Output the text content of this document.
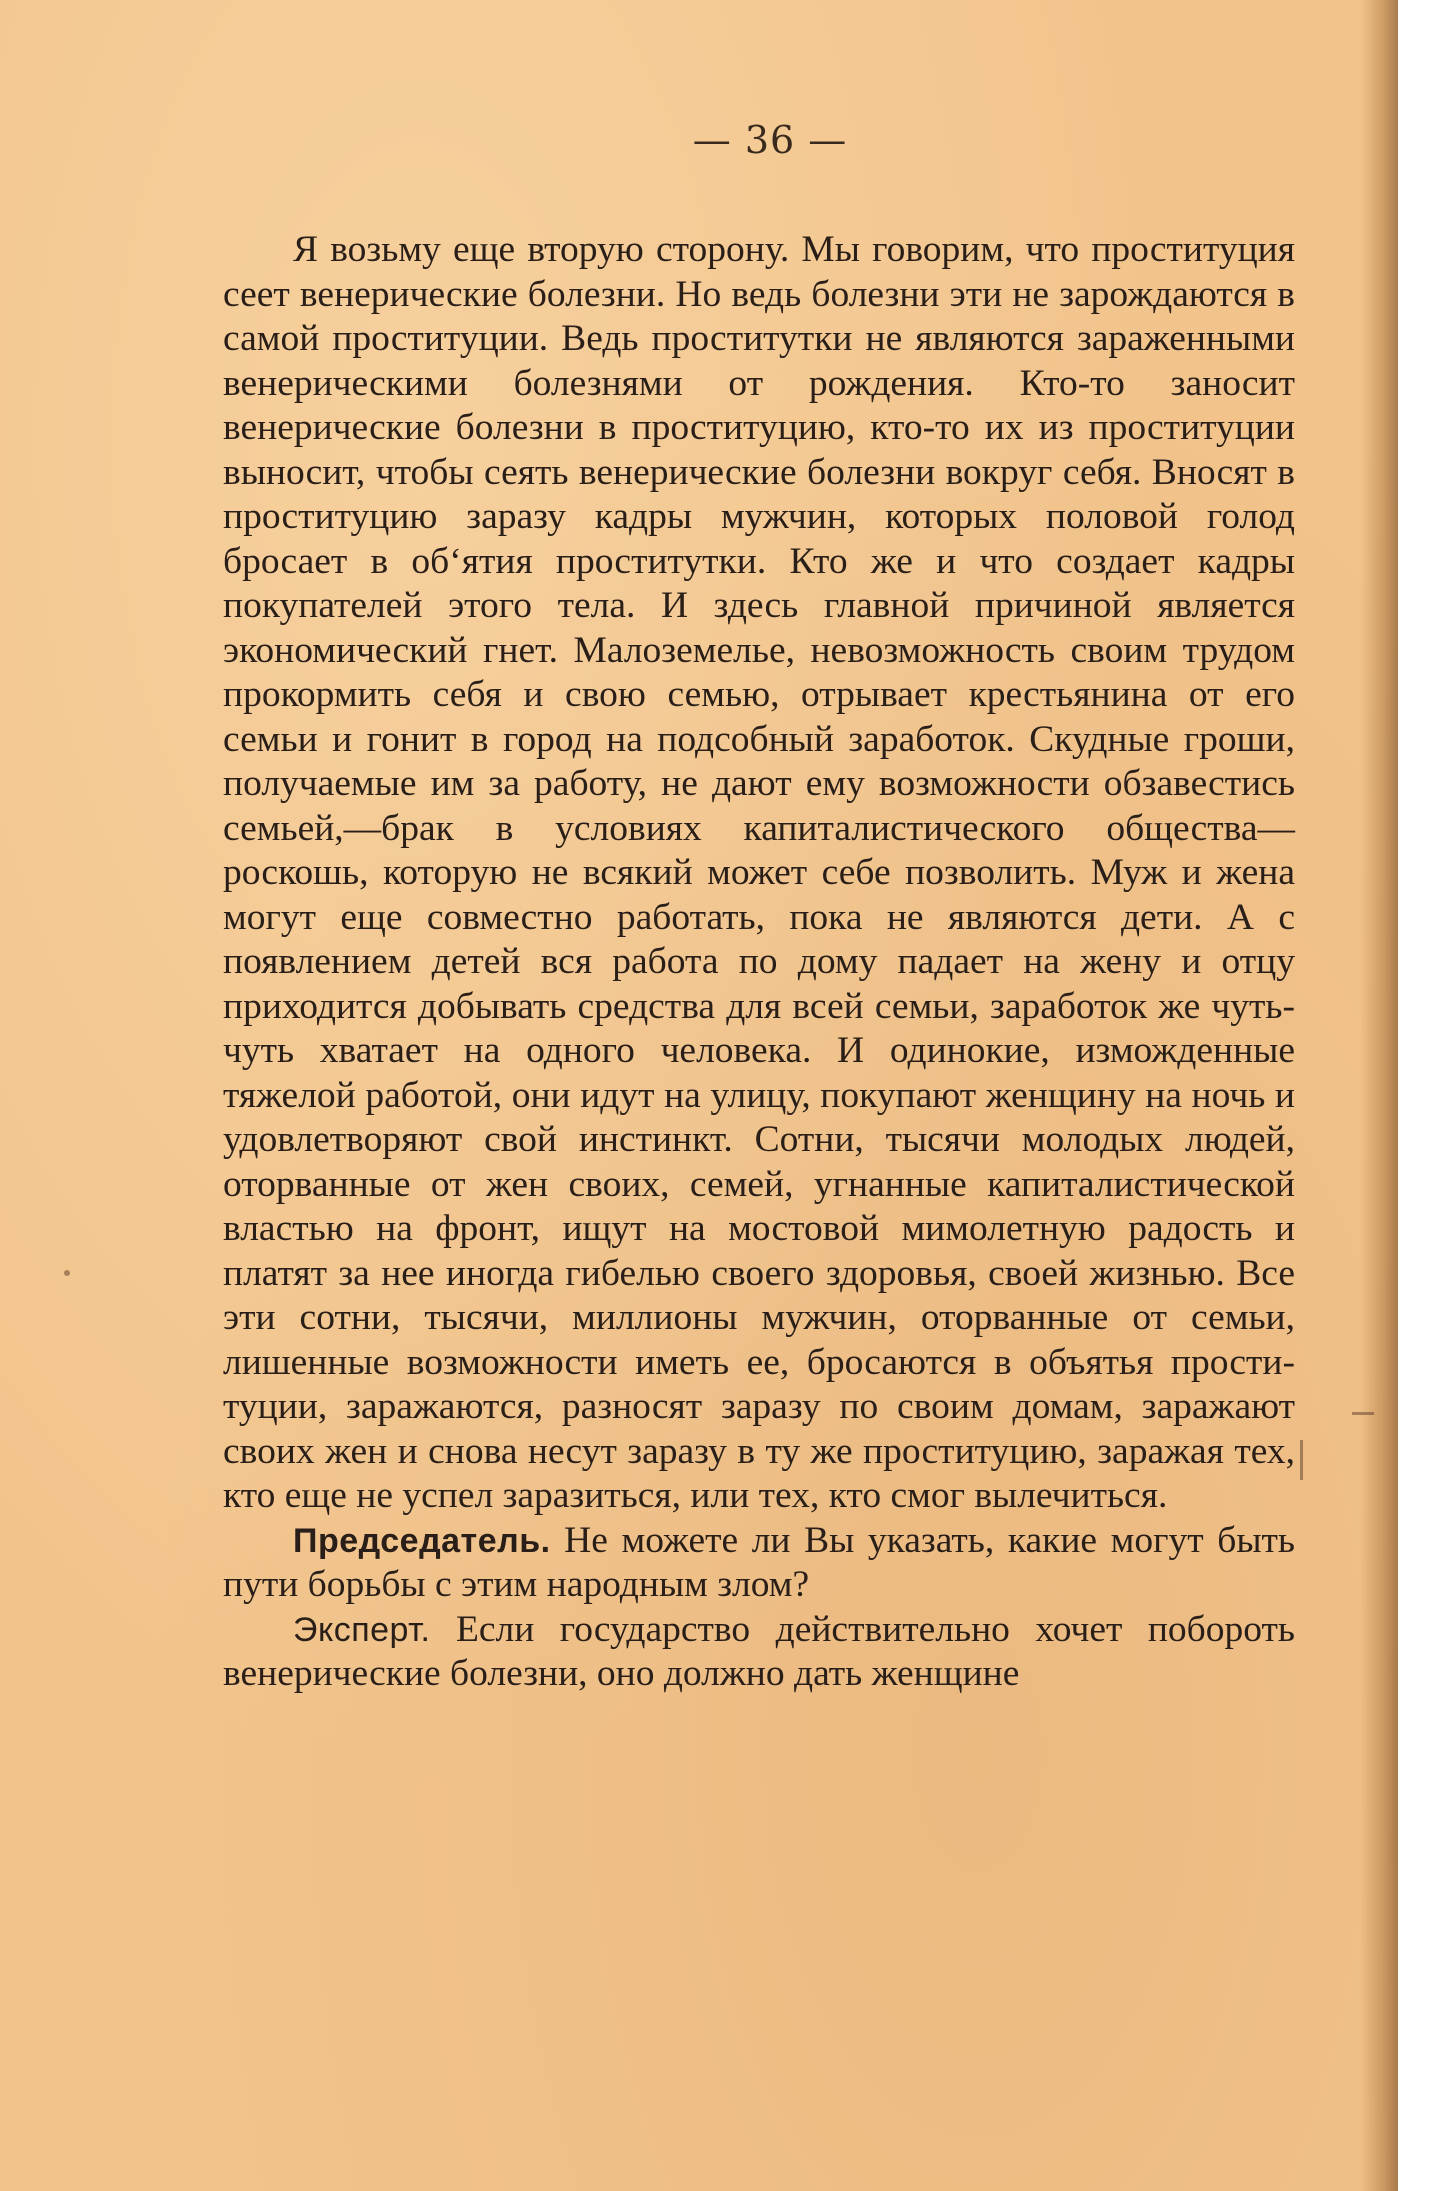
— 36 —

Я возьму еще вторую сторону. Мы говорим, что проституция сеет венерические болезни. Но ведь болезни эти не зарождаются в самой проституции. Ведь проститутки не являются зараженными венерическими болезнями от рождения. Кто-то заносит венерические болезни в проституцию, кто-то их из проституции выносит, чтобы сеять венерические болезни вокруг себя. Вносят в проституцию заразу кадры мужчин, которых половой голод бросает в об‘ятия проститутки. Кто же и что создает кадры покупателей этого тела. И здесь главной причиной является экономический гнет. Малоземелье, невозможность своим трудом прокормить себя и свою семью, отрывает крестьянина от его семьи и гонит в город на подсобный заработок. Скудные гроши, получаемые им за работу, не дают ему возможности обзавестись семьей,—брак в условиях капиталистического общества—роскошь, которую не всякий может себе позволить. Муж и жена могут еще совместно работать, пока не являются дети. А с появлением детей вся работа по дому падает на жену и отцу приходится добывать средства для всей семьи, заработок же чуть-чуть хватает на одного человека. И одинокие, изможденные тяжелой работой, они идут на улицу, покупают женщину на ночь и удовлетворяют свой инстинкт. Сотни, тысячи молодых людей, оторванные от жен своих, семей, угнанные капиталистической властью на фронт, ищут на мостовой мимолетную радость и платят за нее иногда гибелью своего здоровья, своей жизнью. Все эти сотни, тысячи, миллионы мужчин, оторванные от семьи, лишенные возможности иметь ее, бросаются в объятья проституции, заражаются, разносят заразу по своим домам, заражают своих жен и снова несут заразу в ту же проституцию, заражая тех, кто еще не успел заразиться, или тех, кто смог вылечиться.

Председатель. Не можете ли Вы указать, какие могут быть пути борьбы с этим народным злом?

Эксперт. Если государство действительно хочет побороть венерические болезни, оно должно дать женщине
